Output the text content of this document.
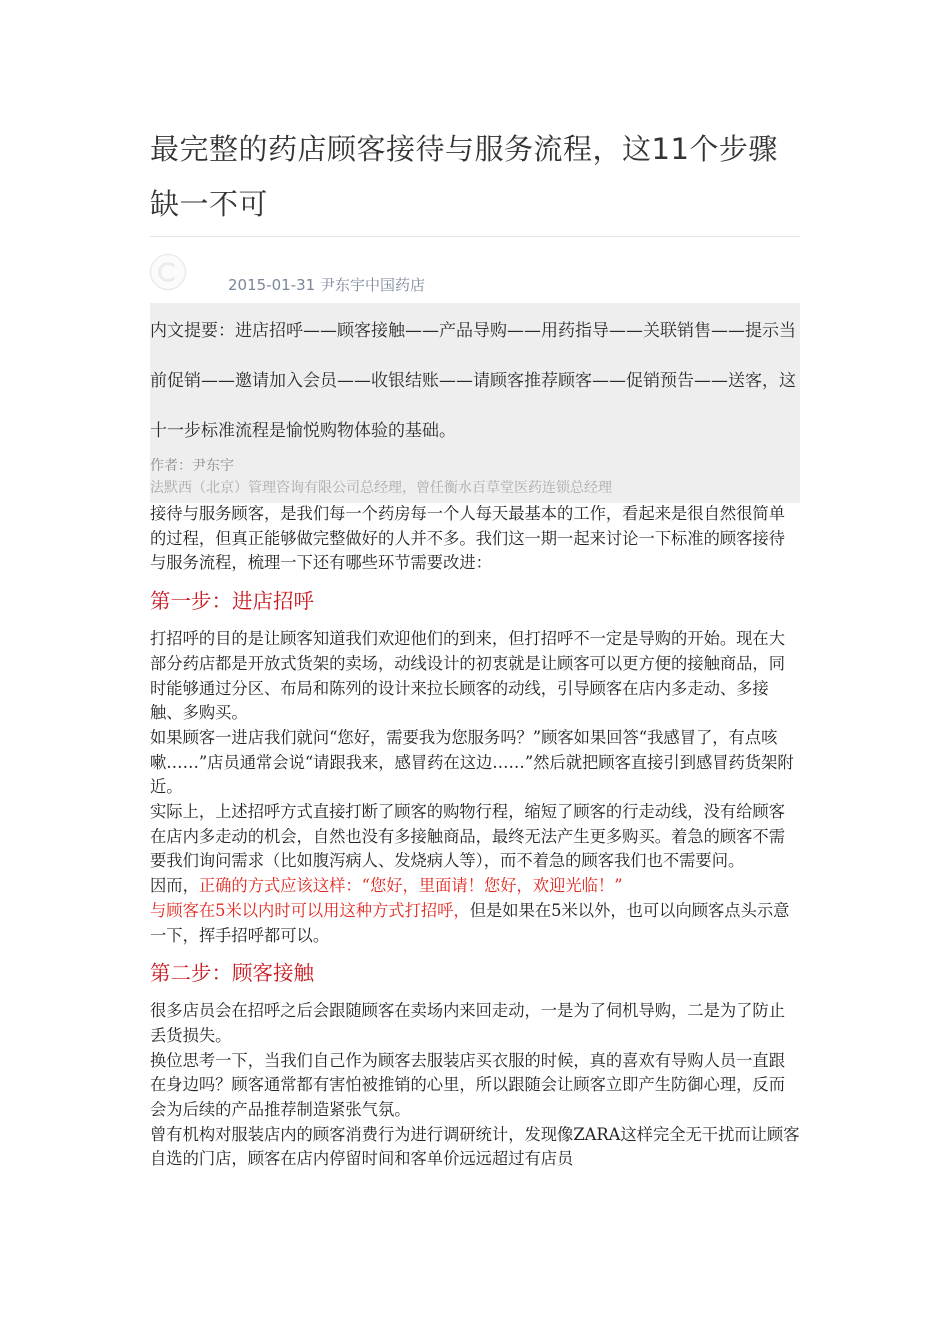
最完整的药店顾客接待与服务流程，这11个步骤缺一不可
2015-01-31 尹东宇中国药店

内文提要：进店招呼——顾客接触——产品导购——用药指导——关联销售——提示当前促销——邀请加入会员——收银结账——请顾客推荐顾客——促销预告——送客，这十一步标准流程是愉悦购物体验的基础。

作者：尹东宇
法默西（北京）管理咨询有限公司总经理，曾任衡水百草堂医药连锁总经理

接待与服务顾客，是我们每一个药房每一个人每天最基本的工作，看起来是很自然很简单的过程，但真正能够做完整做好的人并不多。我们这一期一起来讨论一下标准的顾客接待与服务流程，梳理一下还有哪些环节需要改进：

第一步：进店招呼

打招呼的目的是让顾客知道我们欢迎他们的到来，但打招呼不一定是导购的开始。现在大部分药店都是开放式货架的卖场，动线设计的初衷就是让顾客可以更方便的接触商品，同时能够通过分区、布局和陈列的设计来拉长顾客的动线，引导顾客在店内多走动、多接触、多购买。

如果顾客一进店我们就问“您好，需要我为您服务吗？”顾客如果回答“我感冒了，有点咳嗽……”店员通常会说“请跟我来，感冒药在这边……”然后就把顾客直接引到感冒药货架附近。

实际上，上述招呼方式直接打断了顾客的购物行程，缩短了顾客的行走动线，没有给顾客在店内多走动的机会，自然也没有多接触商品，最终无法产生更多购买。着急的顾客不需要我们询问需求（比如腹泻病人、发烧病人等），而不着急的顾客我们也不需要问。

因而，正确的方式应该这样：“您好，里面请！您好，欢迎光临！”

与顾客在5米以内时可以用这种方式打招呼，但是如果在5米以外，也可以向顾客点头示意一下，挥手招呼都可以。

第二步：顾客接触

很多店员会在招呼之后会跟随顾客在卖场内来回走动，一是为了伺机导购，二是为了防止丢货损失。

换位思考一下，当我们自己作为顾客去服装店买衣服的时候，真的喜欢有导购人员一直跟在身边吗？顾客通常都有害怕被推销的心里，所以跟随会让顾客立即产生防御心理，反而会为后续的产品推荐制造紧张气氛。

曾有机构对服装店内的顾客消费行为进行调研统计，发现像ZARA这样完全无干扰而让顾客自选的门店，顾客在店内停留时间和客单价远远超过有店员
